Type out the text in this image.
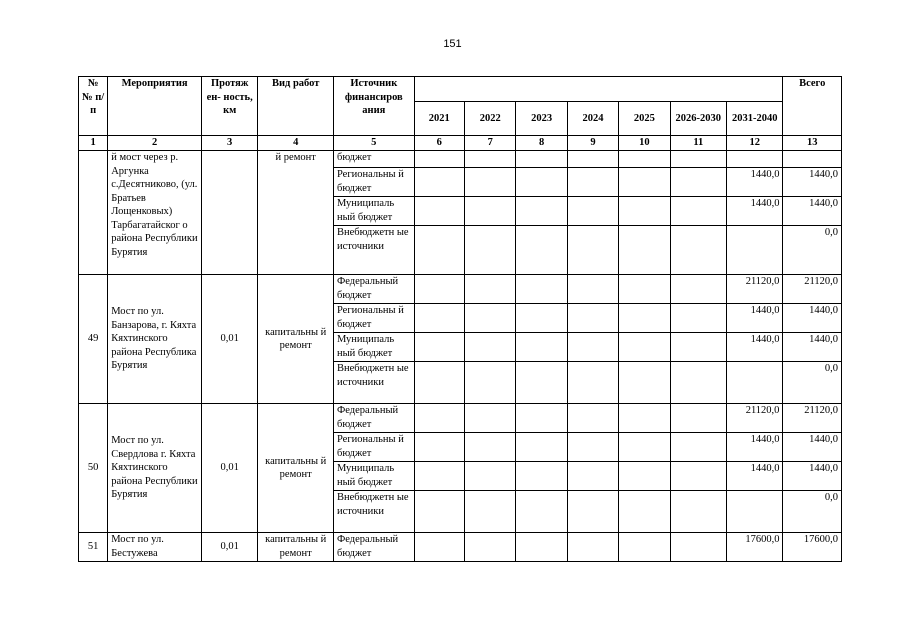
151
№ № п/п	Мероприятия	Протяж ен- ность, км	Вид работ	Источник финансиров ания								Всего
					2021	2022	2023	2024	2025	2026-2030	2031-2040	
1	2	3	4	5	6	7	8	9	10	11	12	13
	й мост через р. Аргунка с.Десятниково, (ул. Братьев Лощенковых) Тарбагатайског о района Республики Бурятия		й ремонт	бюджет								
				Региональны й бюджет							1440,0	1440,0
				Муниципаль ный бюджет							1440,0	1440,0
				Внебюджетн ые источники								0,0
49	Мост по ул. Банзарова, г. Кяхта Кяхтинского района Республика Бурятия	0,01	капитальны й ремонт	Федеральный бюджет							21120,0	21120,0
				Региональны й бюджет							1440,0	1440,0
				Муниципаль ный бюджет							1440,0	1440,0
				Внебюджетн ые источники								0,0
50	Мост по ул. Свердлова г. Кяхта Кяхтинского района Республики Бурятия	0,01	капитальны й ремонт	Федеральный бюджет							21120,0	21120,0
				Региональны й бюджет							1440,0	1440,0
				Муниципаль ный бюджет							1440,0	1440,0
				Внебюджетн ые источники								0,0
51	Мост по ул. Бестужева	0,01	капитальны й ремонт	Федеральный бюджет							17600,0	17600,0
